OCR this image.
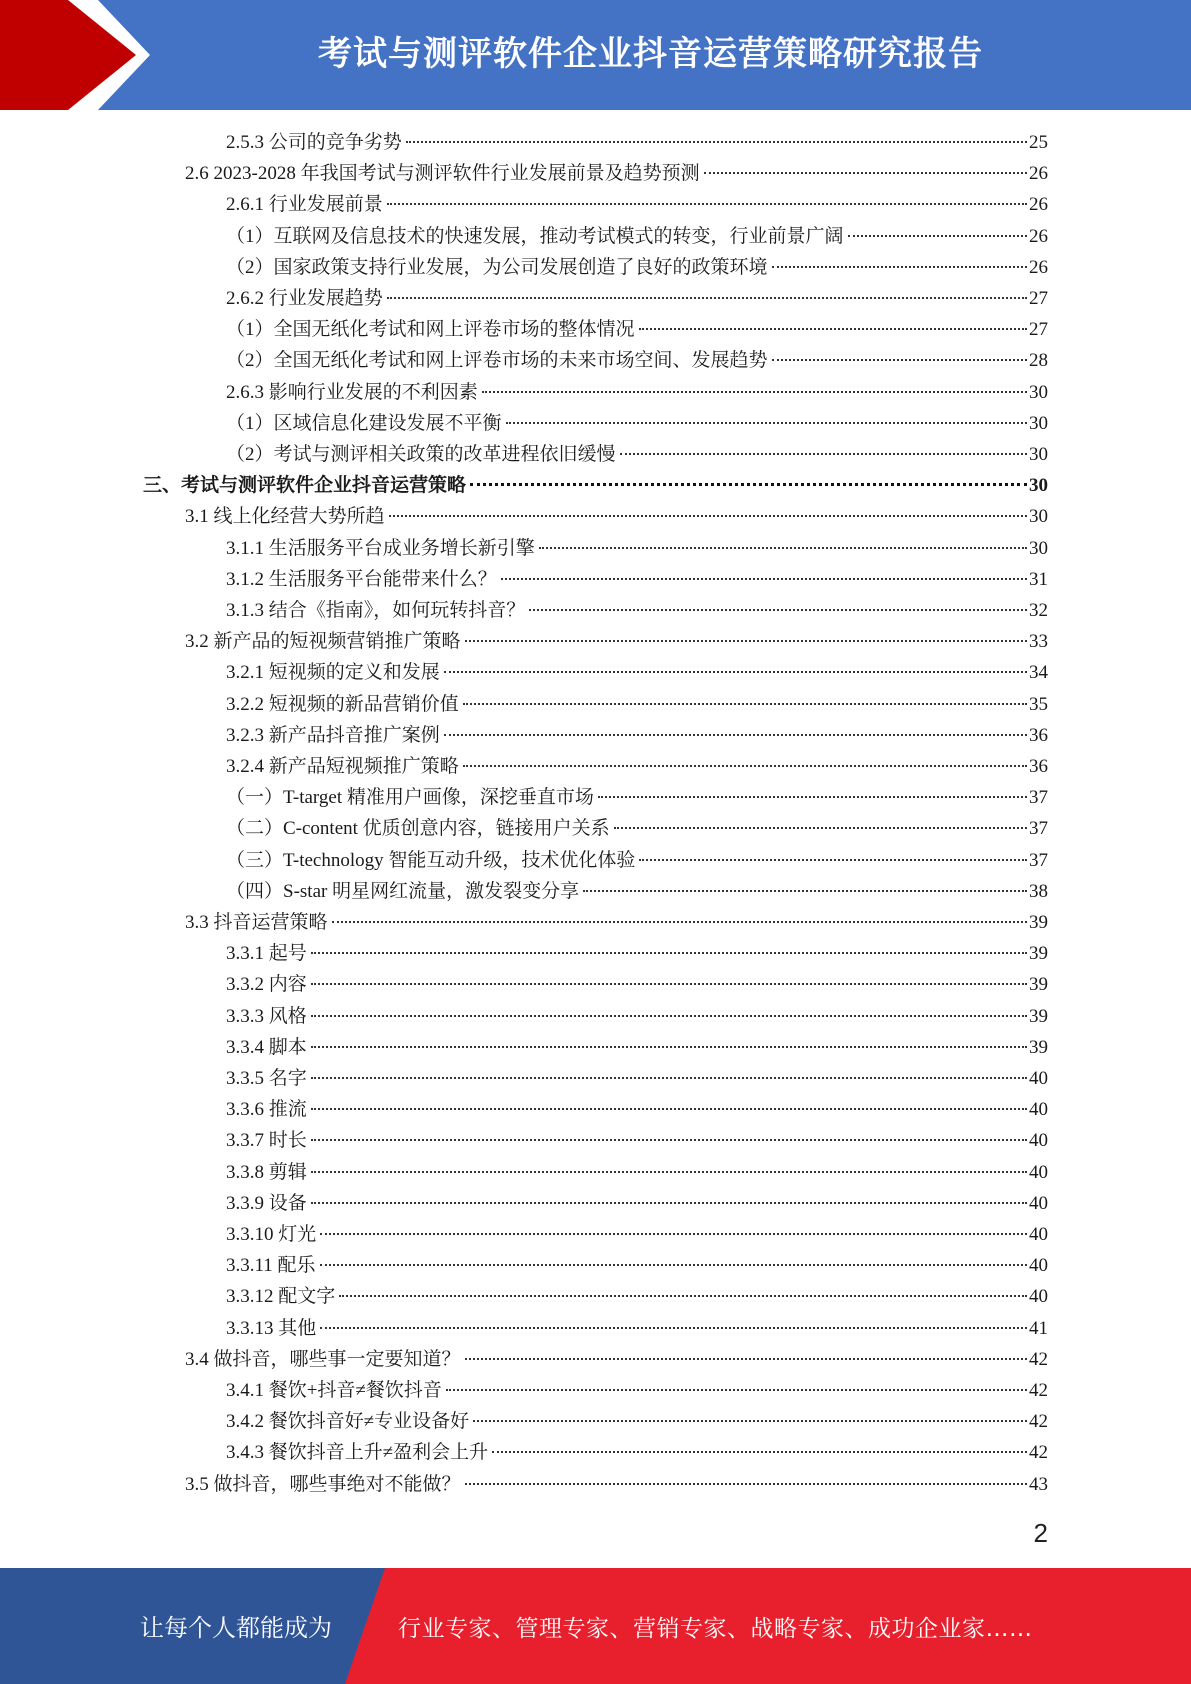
考试与测评软件企业抖音运营策略研究报告
2.5.3 公司的竞争劣势	25
2.6 2023-2028 年我国考试与测评软件行业发展前景及趋势预测	26
2.6.1 行业发展前景	26
（1）互联网及信息技术的快速发展，推动考试模式的转变，行业前景广阔	26
（2）国家政策支持行业发展，为公司发展创造了良好的政策环境	26
2.6.2 行业发展趋势	27
（1）全国无纸化考试和网上评卷市场的整体情况	27
（2）全国无纸化考试和网上评卷市场的未来市场空间、发展趋势	28
2.6.3 影响行业发展的不利因素	30
（1）区域信息化建设发展不平衡	30
（2）考试与测评相关政策的改革进程依旧缓慢	30
三、考试与测评软件企业抖音运营策略	30
3.1 线上化经营大势所趋	30
3.1.1 生活服务平台成业务增长新引擎	30
3.1.2 生活服务平台能带来什么？	31
3.1.3 结合《指南》，如何玩转抖音？	32
3.2 新产品的短视频营销推广策略	33
3.2.1 短视频的定义和发展	34
3.2.2 短视频的新品营销价值	35
3.2.3 新产品抖音推广案例	36
3.2.4 新产品短视频推广策略	36
（一）T-target 精准用户画像，深挖垂直市场	37
（二）C-content 优质创意内容，链接用户关系	37
（三）T-technology 智能互动升级，技术优化体验	37
（四）S-star 明星网红流量，激发裂变分享	38
3.3 抖音运营策略	39
3.3.1 起号	39
3.3.2 内容	39
3.3.3 风格	39
3.3.4 脚本	39
3.3.5 名字	40
3.3.6 推流	40
3.3.7 时长	40
3.3.8 剪辑	40
3.3.9 设备	40
3.3.10 灯光	40
3.3.11 配乐	40
3.3.12 配文字	40
3.3.13 其他	41
3.4 做抖音，哪些事一定要知道？	42
3.4.1 餐饮+抖音≠餐饮抖音	42
3.4.2 餐饮抖音好≠专业设备好	42
3.4.3 餐饮抖音上升≠盈利会上升	42
3.5 做抖音，哪些事绝对不能做？	43
2
让每个人都能成为	行业专家、管理专家、营销专家、战略专家、成功企业家……
